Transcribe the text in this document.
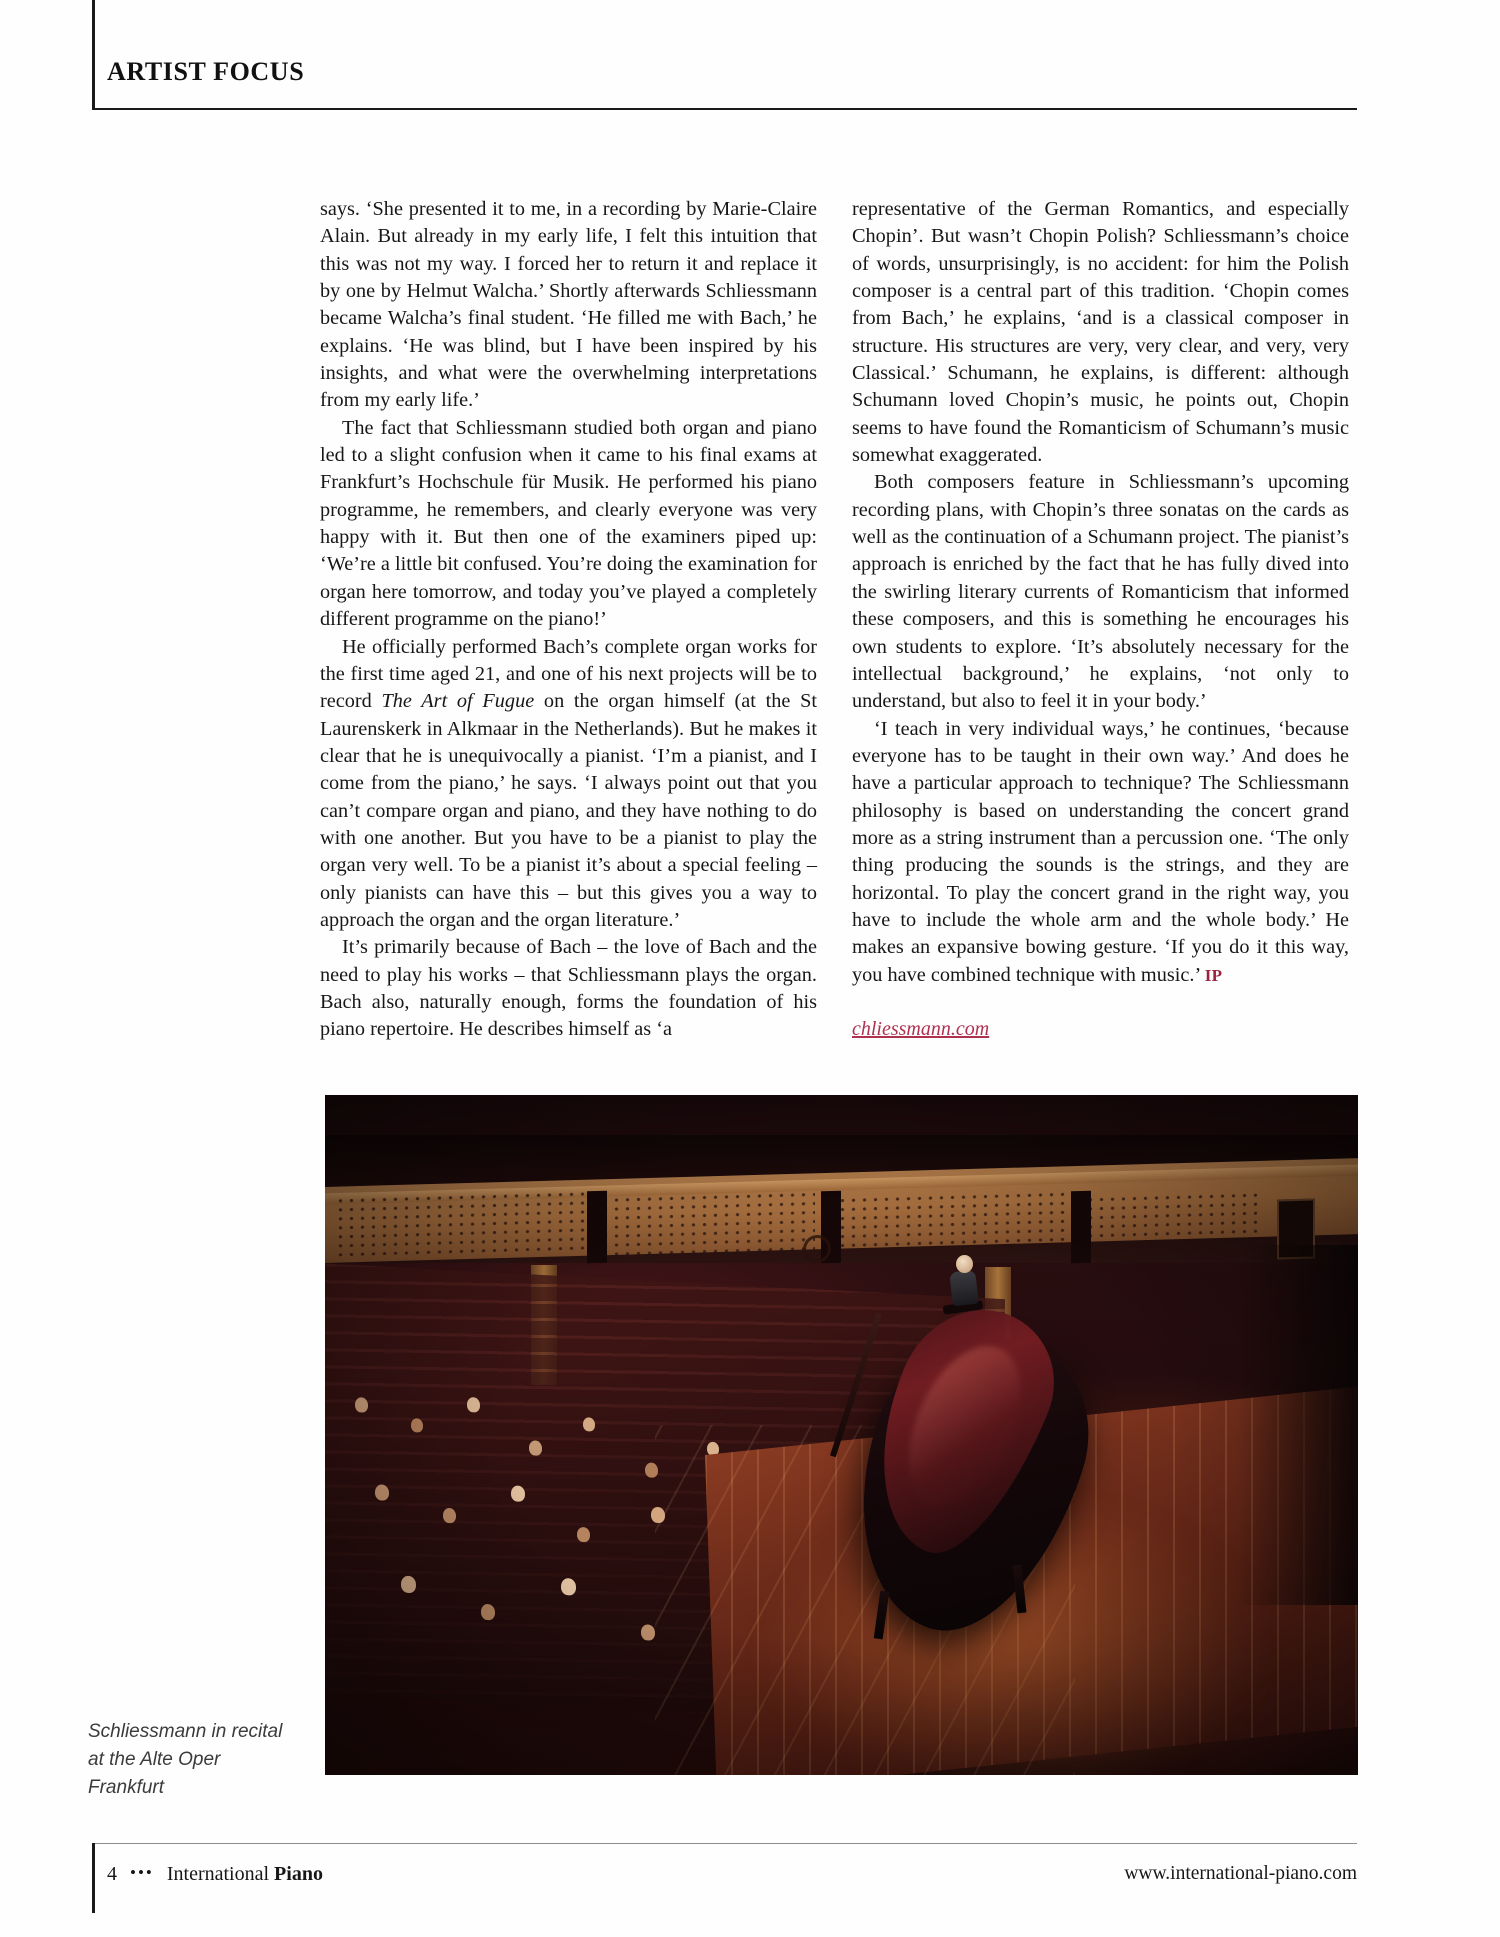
ARTIST FOCUS

says. ‘She presented it to me, in a recording by Marie-Claire Alain. But already in my early life, I felt this intuition that this was not my way. I forced her to return it and replace it by one by Helmut Walcha.’ Shortly afterwards Schliessmann became Walcha’s final student. ‘He filled me with Bach,’ he explains. ‘He was blind, but I have been inspired by his insights, and what were the overwhelming interpretations from my early life.’

The fact that Schliessmann studied both organ and piano led to a slight confusion when it came to his final exams at Frankfurt’s Hochschule für Musik. He performed his piano programme, he remembers, and clearly everyone was very happy with it. But then one of the examiners piped up: ‘We’re a little bit confused. You’re doing the examination for organ here tomorrow, and today you’ve played a completely different programme on the piano!’

He officially performed Bach’s complete organ works for the first time aged 21, and one of his next projects will be to record The Art of Fugue on the organ himself (at the St Laurenskerk in Alkmaar in the Netherlands). But he makes it clear that he is unequivocally a pianist. ‘I’m a pianist, and I come from the piano,’ he says. ‘I always point out that you can’t compare organ and piano, and they have nothing to do with one another. But you have to be a pianist to play the organ very well. To be a pianist it’s about a special feeling – only pianists can have this – but this gives you a way to approach the organ and the organ literature.’

It’s primarily because of Bach – the love of Bach and the need to play his works – that Schliessmann plays the organ. Bach also, naturally enough, forms the foundation of his piano repertoire. He describes himself as ‘a

representative of the German Romantics, and especially Chopin’. But wasn’t Chopin Polish? Schliessmann’s choice of words, unsurprisingly, is no accident: for him the Polish composer is a central part of this tradition. ‘Chopin comes from Bach,’ he explains, ‘and is a classical composer in structure. His structures are very, very clear, and very, very Classical.’ Schumann, he explains, is different: although Schumann loved Chopin’s music, he points out, Chopin seems to have found the Romanticism of Schumann’s music somewhat exaggerated.

Both composers feature in Schliessmann’s upcoming recording plans, with Chopin’s three sonatas on the cards as well as the continuation of a Schumann project. The pianist’s approach is enriched by the fact that he has fully dived into the swirling literary currents of Romanticism that informed these composers, and this is something he encourages his own students to explore. ‘It’s absolutely necessary for the intellectual background,’ he explains, ‘not only to understand, but also to feel it in your body.’

‘I teach in very individual ways,’ he continues, ‘because everyone has to be taught in their own way.’ And does he have a particular approach to technique? The Schliessmann philosophy is based on understanding the concert grand more as a string instrument than a percussion one. ‘The only thing producing the sounds is the strings, and they are horizontal. To play the concert grand in the right way, you have to include the whole arm and the whole body.’ He makes an expansive bowing gesture. ‘If you do it this way, you have combined technique with music.’ IP

chliessmann.com
Schliessmann in recital at the Alte Oper Frankfurt
4 ••• International Piano	www.international-piano.com
